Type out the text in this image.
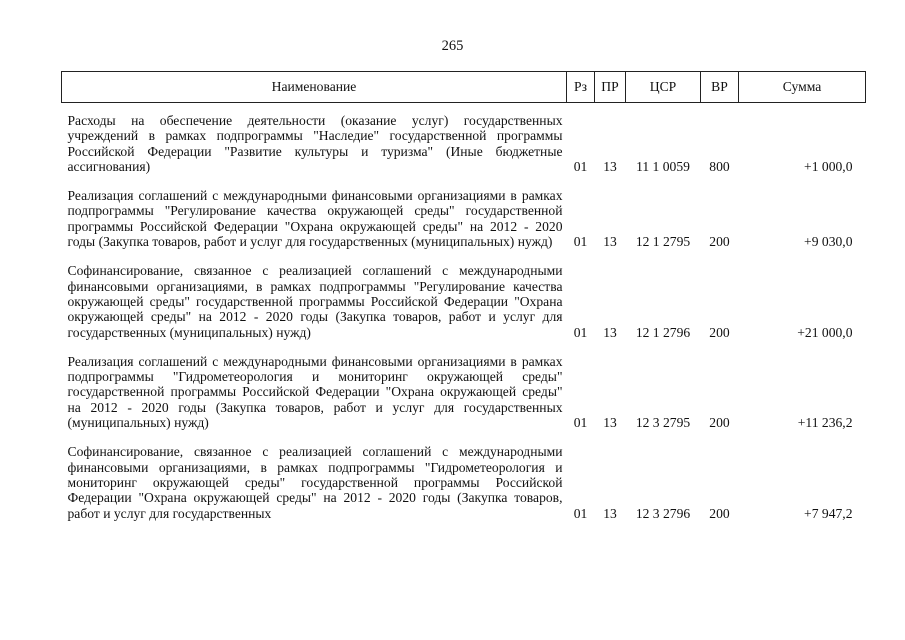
265
Наименование	Рз	ПР	ЦСР	ВР	Сумма
Расходы на обеспечение деятельности (оказание услуг) государственных учреждений в рамках подпрограммы "Наследие" государственной программы Российской Федерации "Развитие культуры и туризма" (Иные бюджетные ассигнования)	01	13	11 1 0059	800	+1 000,0
Реализация соглашений с международными финансовыми организациями в рамках подпрограммы "Регулирование качества окружающей среды" государственной программы Российской Федерации "Охрана окружающей среды" на 2012 - 2020 годы (Закупка товаров, работ и услуг для государственных (муниципальных) нужд)	01	13	12 1 2795	200	+9 030,0
Софинансирование, связанное с реализацией соглашений с международными финансовыми организациями, в рамках подпрограммы "Регулирование качества окружающей среды" государственной программы Российской Федерации "Охрана окружающей среды" на 2012 - 2020 годы (Закупка товаров, работ и услуг для государственных (муниципальных) нужд)	01	13	12 1 2796	200	+21 000,0
Реализация соглашений с международными финансовыми организациями в рамках подпрограммы "Гидрометеорология и мониторинг окружающей среды" государственной программы Российской Федерации "Охрана окружающей среды" на 2012 - 2020 годы (Закупка товаров, работ и услуг для государственных (муниципальных) нужд)	01	13	12 3 2795	200	+11 236,2
Софинансирование, связанное с реализацией соглашений с международными финансовыми организациями, в рамках подпрограммы "Гидрометеорология и мониторинг окружающей среды" государственной программы Российской Федерации "Охрана окружающей среды" на 2012 - 2020 годы (Закупка товаров, работ и услуг для государственных	01	13	12 3 2796	200	+7 947,2
